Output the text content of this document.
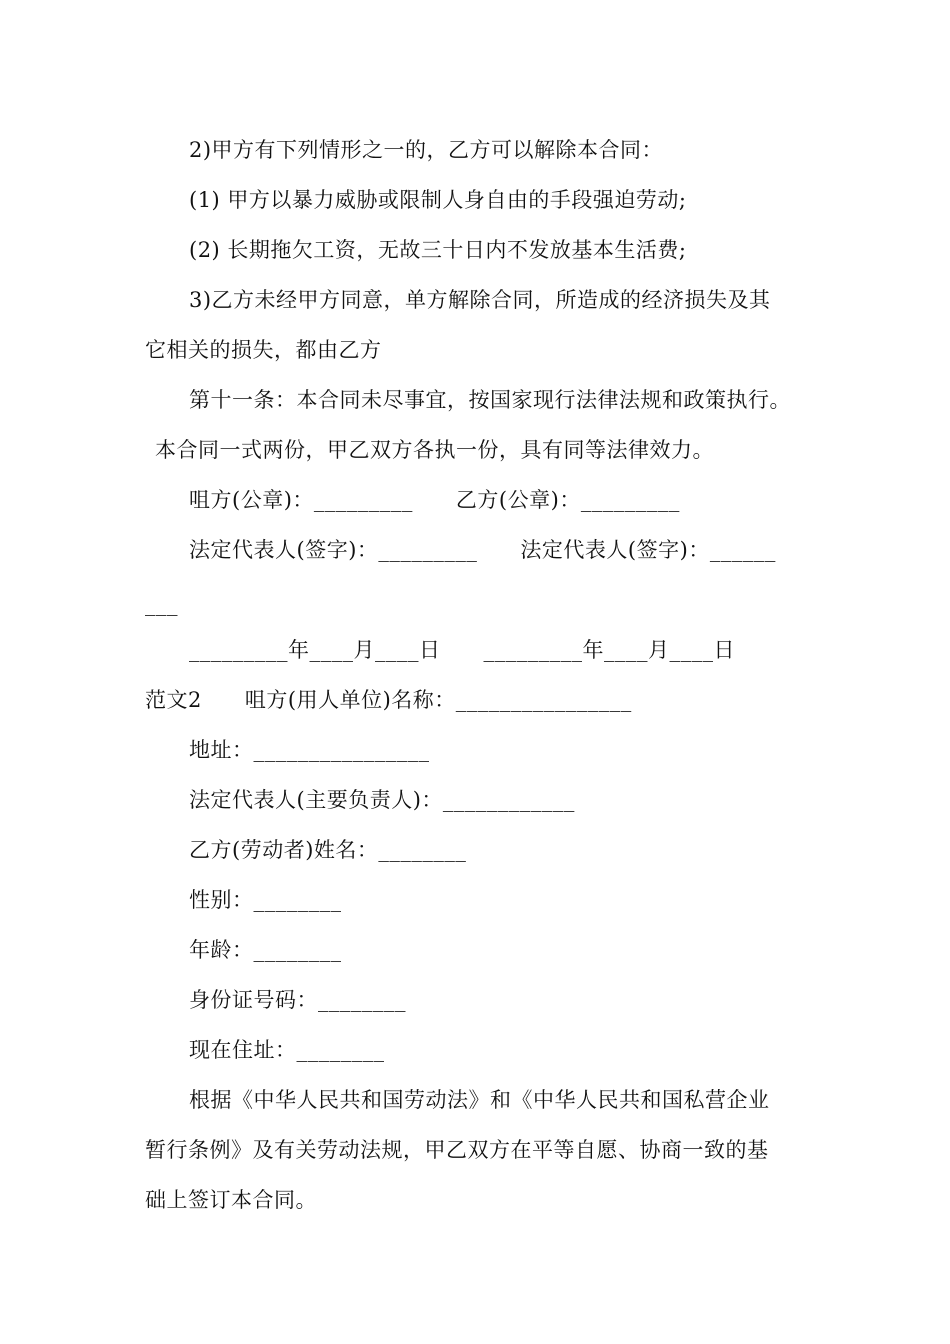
2)甲方有下列情形之一的，乙方可以解除本合同：
(1) 甲方以暴力威胁或限制人身自由的手段强迫劳动;
(2) 长期拖欠工资，无故三十日内不发放基本生活费;
3)乙方未经甲方同意，单方解除合同，所造成的经济损失及其
它相关的损失，都由乙方
第十一条：本合同未尽事宜，按国家现行法律法规和政策执行。
本合同一式两份，甲乙双方各执一份，具有同等法律效力。
咀方(公章)：_________      乙方(公章)：_________
法定代表人(签字)：_________      法定代表人(签字)：______
___
_________年____月____日      _________年____月____日
范文2      咀方(用人单位)名称：________________
地址：________________
法定代表人(主要负责人)：____________
乙方(劳动者)姓名：________
性别：________
年龄：________
身份证号码：________
现在住址：________
根据《中华人民共和国劳动法》和《中华人民共和国私营企业
暂行条例》及有关劳动法规，甲乙双方在平等自愿、协商一致的基
础上签订本合同。
